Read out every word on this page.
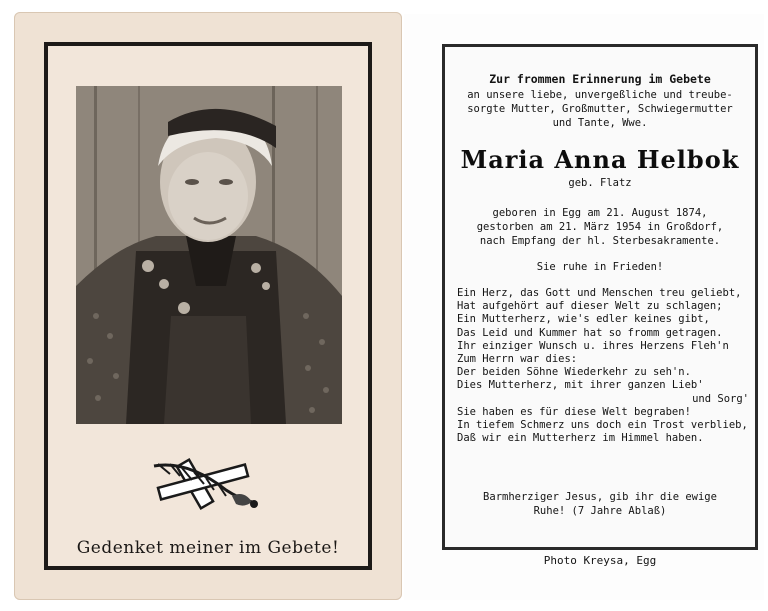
Gedenket meiner im Gebete!
Zur frommen Erinnerung im Gebete
an unsere liebe, unvergeßliche und treube-
sorgte Mutter, Großmutter, Schwiegermutter
und Tante, Wwe.
Maria Anna Helbok
geb. Flatz
geboren in Egg am 21. August 1874,
gestorben am 21. März 1954 in Großdorf,
nach Empfang der hl. Sterbesakramente.
Sie ruhe in Frieden!
Ein Herz, das Gott und Menschen treu geliebt,
Hat aufgehört auf dieser Welt zu schlagen;
Ein Mutterherz, wie's edler keines gibt,
Das Leid und Kummer hat so fromm getragen.
Ihr einziger Wunsch u. ihres Herzens Fleh'n
Zum Herrn war dies:
Der beiden Söhne Wiederkehr zu seh'n.
Dies Mutterherz, mit ihrer ganzen Lieb'
und Sorg'
Sie haben es für diese Welt begraben!
In tiefem Schmerz uns doch ein Trost verblieb,
Daß wir ein Mutterherz im Himmel haben.
Barmherziger Jesus, gib ihr die ewige
Ruhe! (7 Jahre Ablaß)
Photo Kreysa, Egg
